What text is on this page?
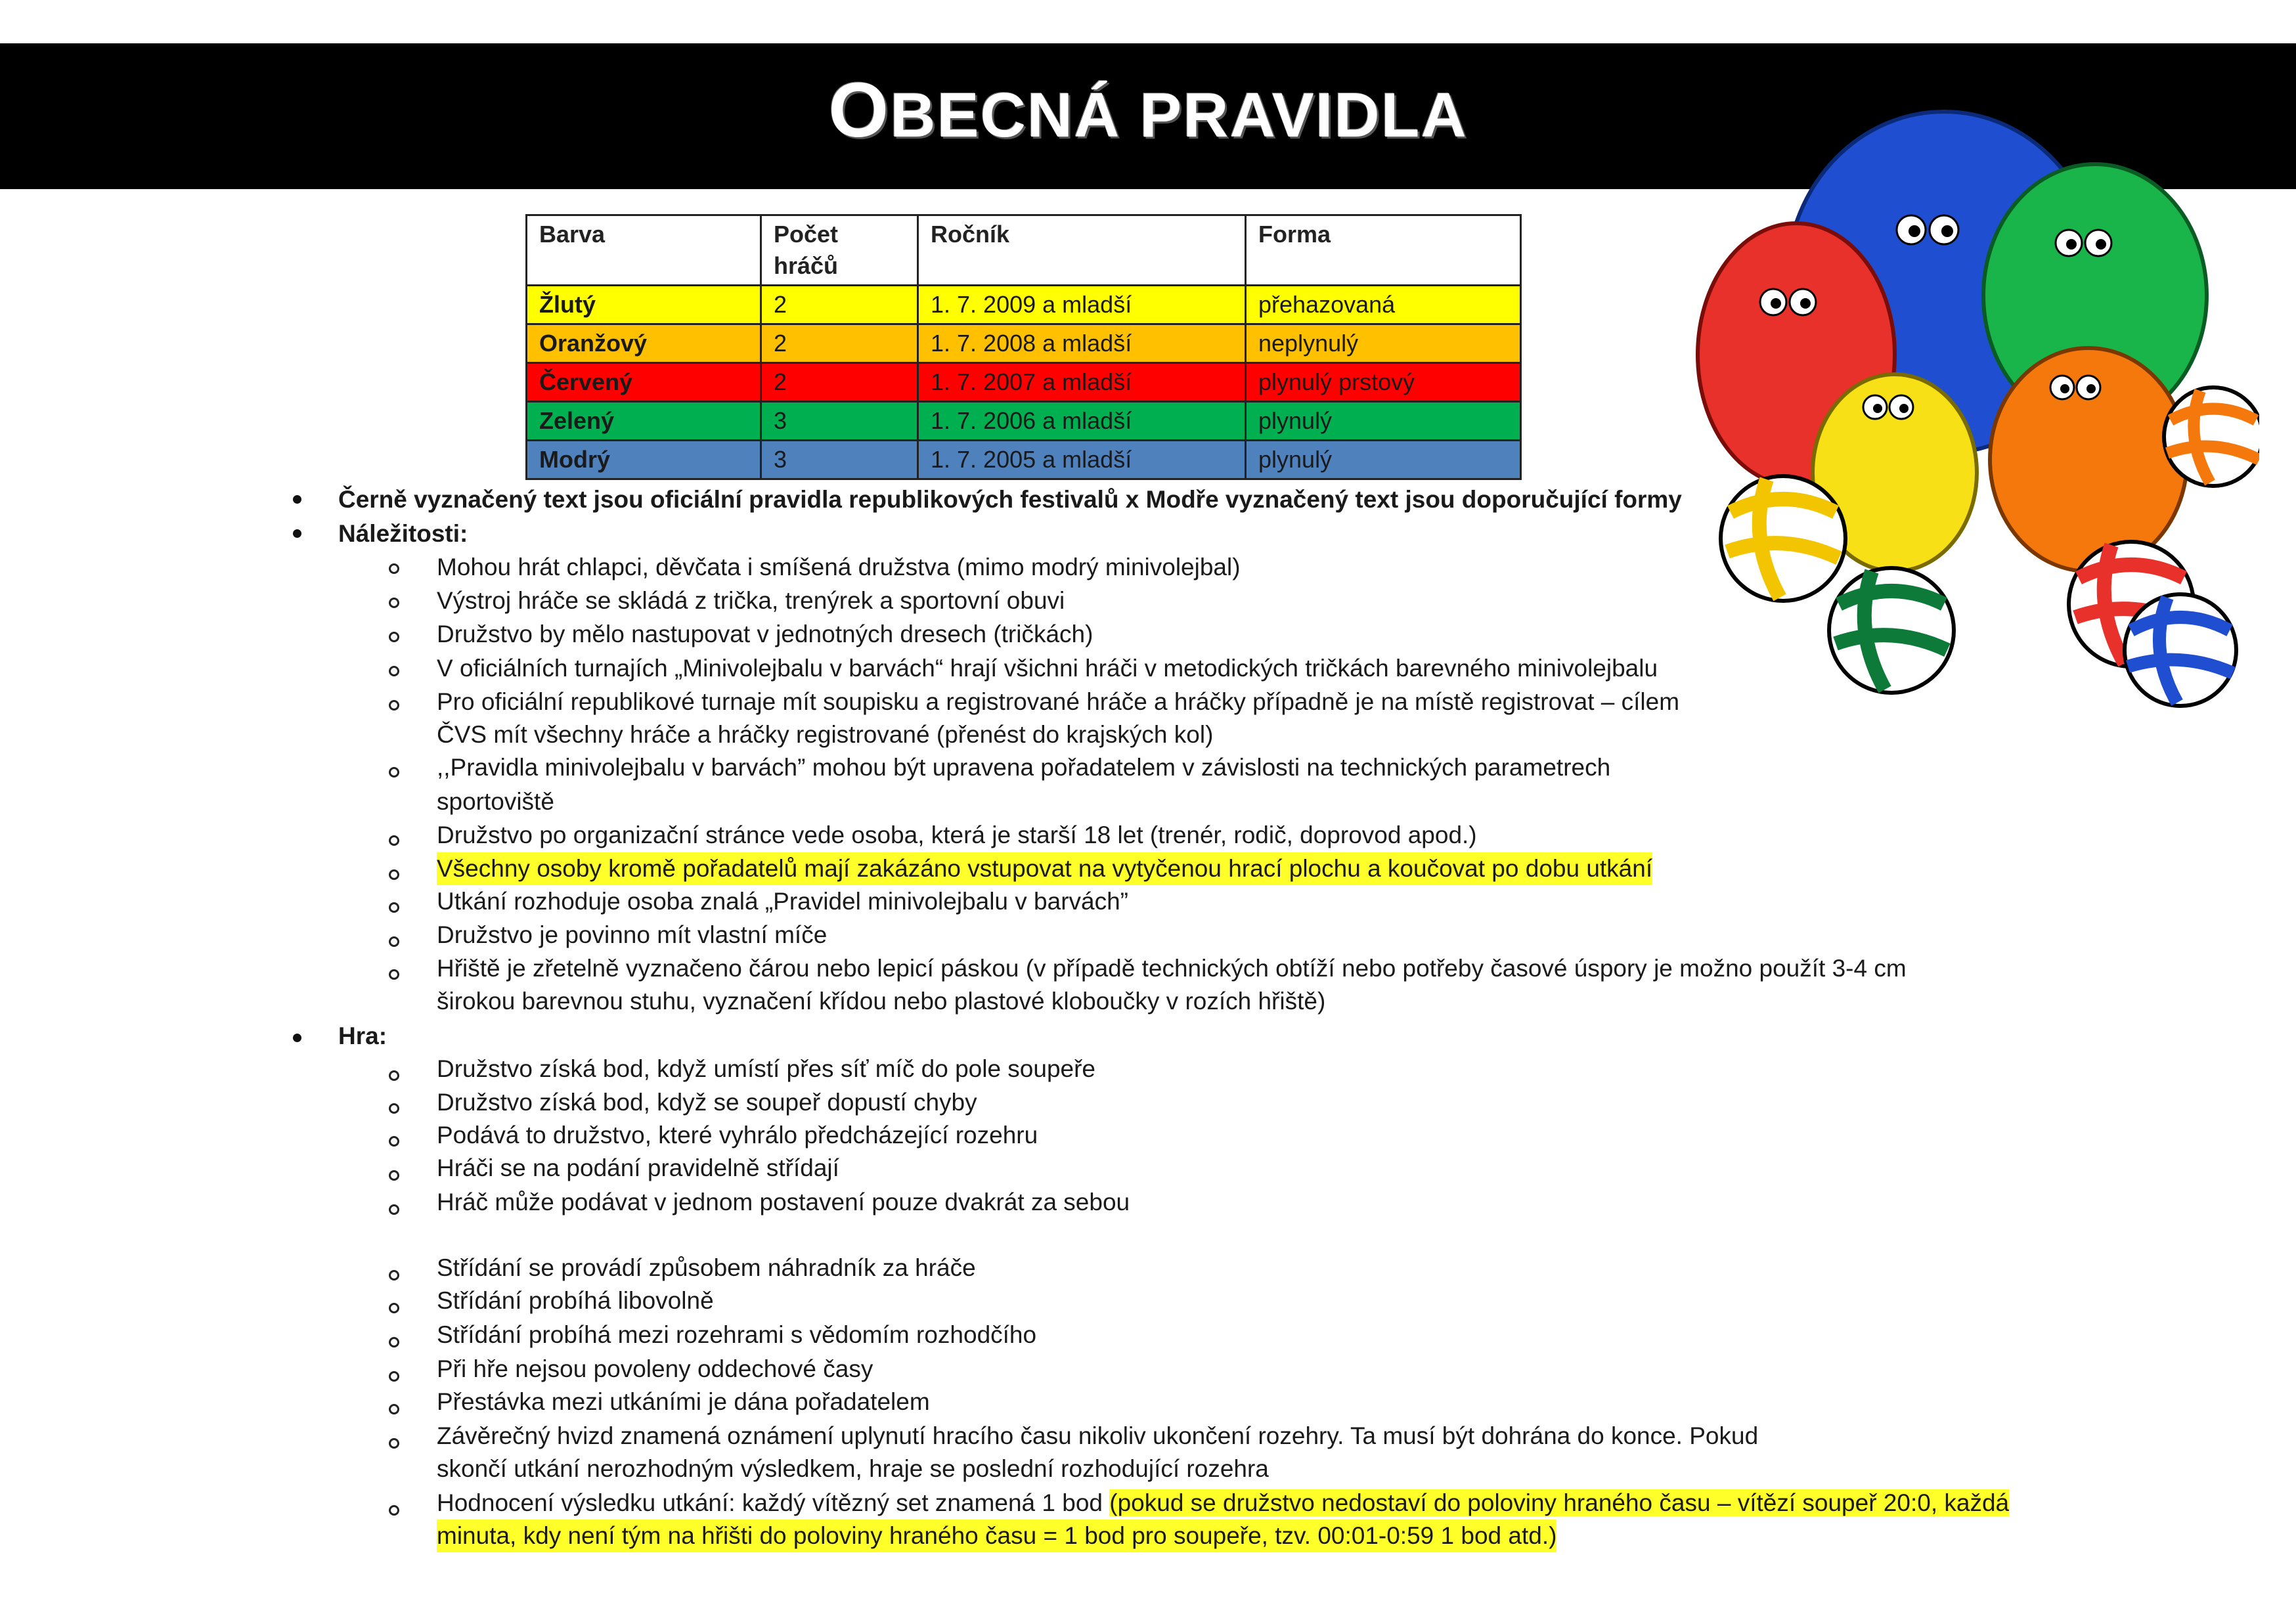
OBECNÁ PRAVIDLA
Barva	Počet hráčů	Ročník	Forma
Žlutý	2	1. 7. 2009 a mladší	přehazovaná
Oranžový	2	1. 7. 2008 a mladší	neplynulý
Červený	2	1. 7. 2007 a mladší	plynulý prstový
Zelený	3	1. 7. 2006 a mladší	plynulý
Modrý	3	1. 7. 2005 a mladší	plynulý
Černě vyznačený text jsou oficiální pravidla republikových festivalů x Modře vyznačený text jsou doporučující formy
Náležitosti:
Mohou hrát chlapci, děvčata i smíšená družstva (mimo modrý minivolejbal)
Výstroj hráče se skládá z trička, trenýrek a sportovní obuvi
Družstvo by mělo nastupovat v jednotných dresech (tričkách)
V oficiálních turnajích „Minivolejbalu v barvách“ hrají všichni hráči v metodických tričkách barevného minivolejbalu
Pro oficiální republikové turnaje mít soupisku a registrované hráče a hráčky případně je na místě registrovat – cílem
ČVS mít všechny hráče a hráčky registrované (přenést do krajských kol)
,,Pravidla minivolejbalu v barvách” mohou být upravena pořadatelem v závislosti na technických parametrech
sportoviště
Družstvo po organizační stránce vede osoba, která je starší 18 let (trenér, rodič, doprovod apod.)
Všechny osoby kromě pořadatelů mají zakázáno vstupovat na vytyčenou hrací plochu a koučovat po dobu utkání
Utkání rozhoduje osoba znalá „Pravidel minivolejbalu v barvách”
Družstvo je povinno mít vlastní míče
Hřiště je zřetelně vyznačeno čárou nebo lepicí páskou (v případě technických obtíží nebo potřeby časové úspory je možno použít 3-4 cm
širokou barevnou stuhu, vyznačení křídou nebo plastové kloboučky v rozích hřiště)
Hra:
Družstvo získá bod, když umístí přes síť míč do pole soupeře
Družstvo získá bod, když se soupeř dopustí chyby
Podává to družstvo, které vyhrálo předcházející rozehru
Hráči se na podání pravidelně střídají
Hráč může podávat v jednom postavení pouze dvakrát za sebou
Střídání se provádí způsobem náhradník za hráče
Střídání probíhá libovolně
Střídání probíhá mezi rozehrami s vědomím rozhodčího
Při hře nejsou povoleny oddechové časy
Přestávka mezi utkáními je dána pořadatelem
Závěrečný hvizd znamená oznámení uplynutí hracího času nikoliv ukončení rozehry. Ta musí být dohrána do konce. Pokud
skončí utkání nerozhodným výsledkem, hraje se poslední rozhodující rozehra
Hodnocení výsledku utkání: každý vítězný set znamená 1 bod (pokud se družstvo nedostaví do poloviny hraného času – vítězí soupeř 20:0, každá
minuta, kdy není tým na hřišti do poloviny hraného času = 1 bod pro soupeře, tzv. 00:01-0:59 1 bod atd.)
